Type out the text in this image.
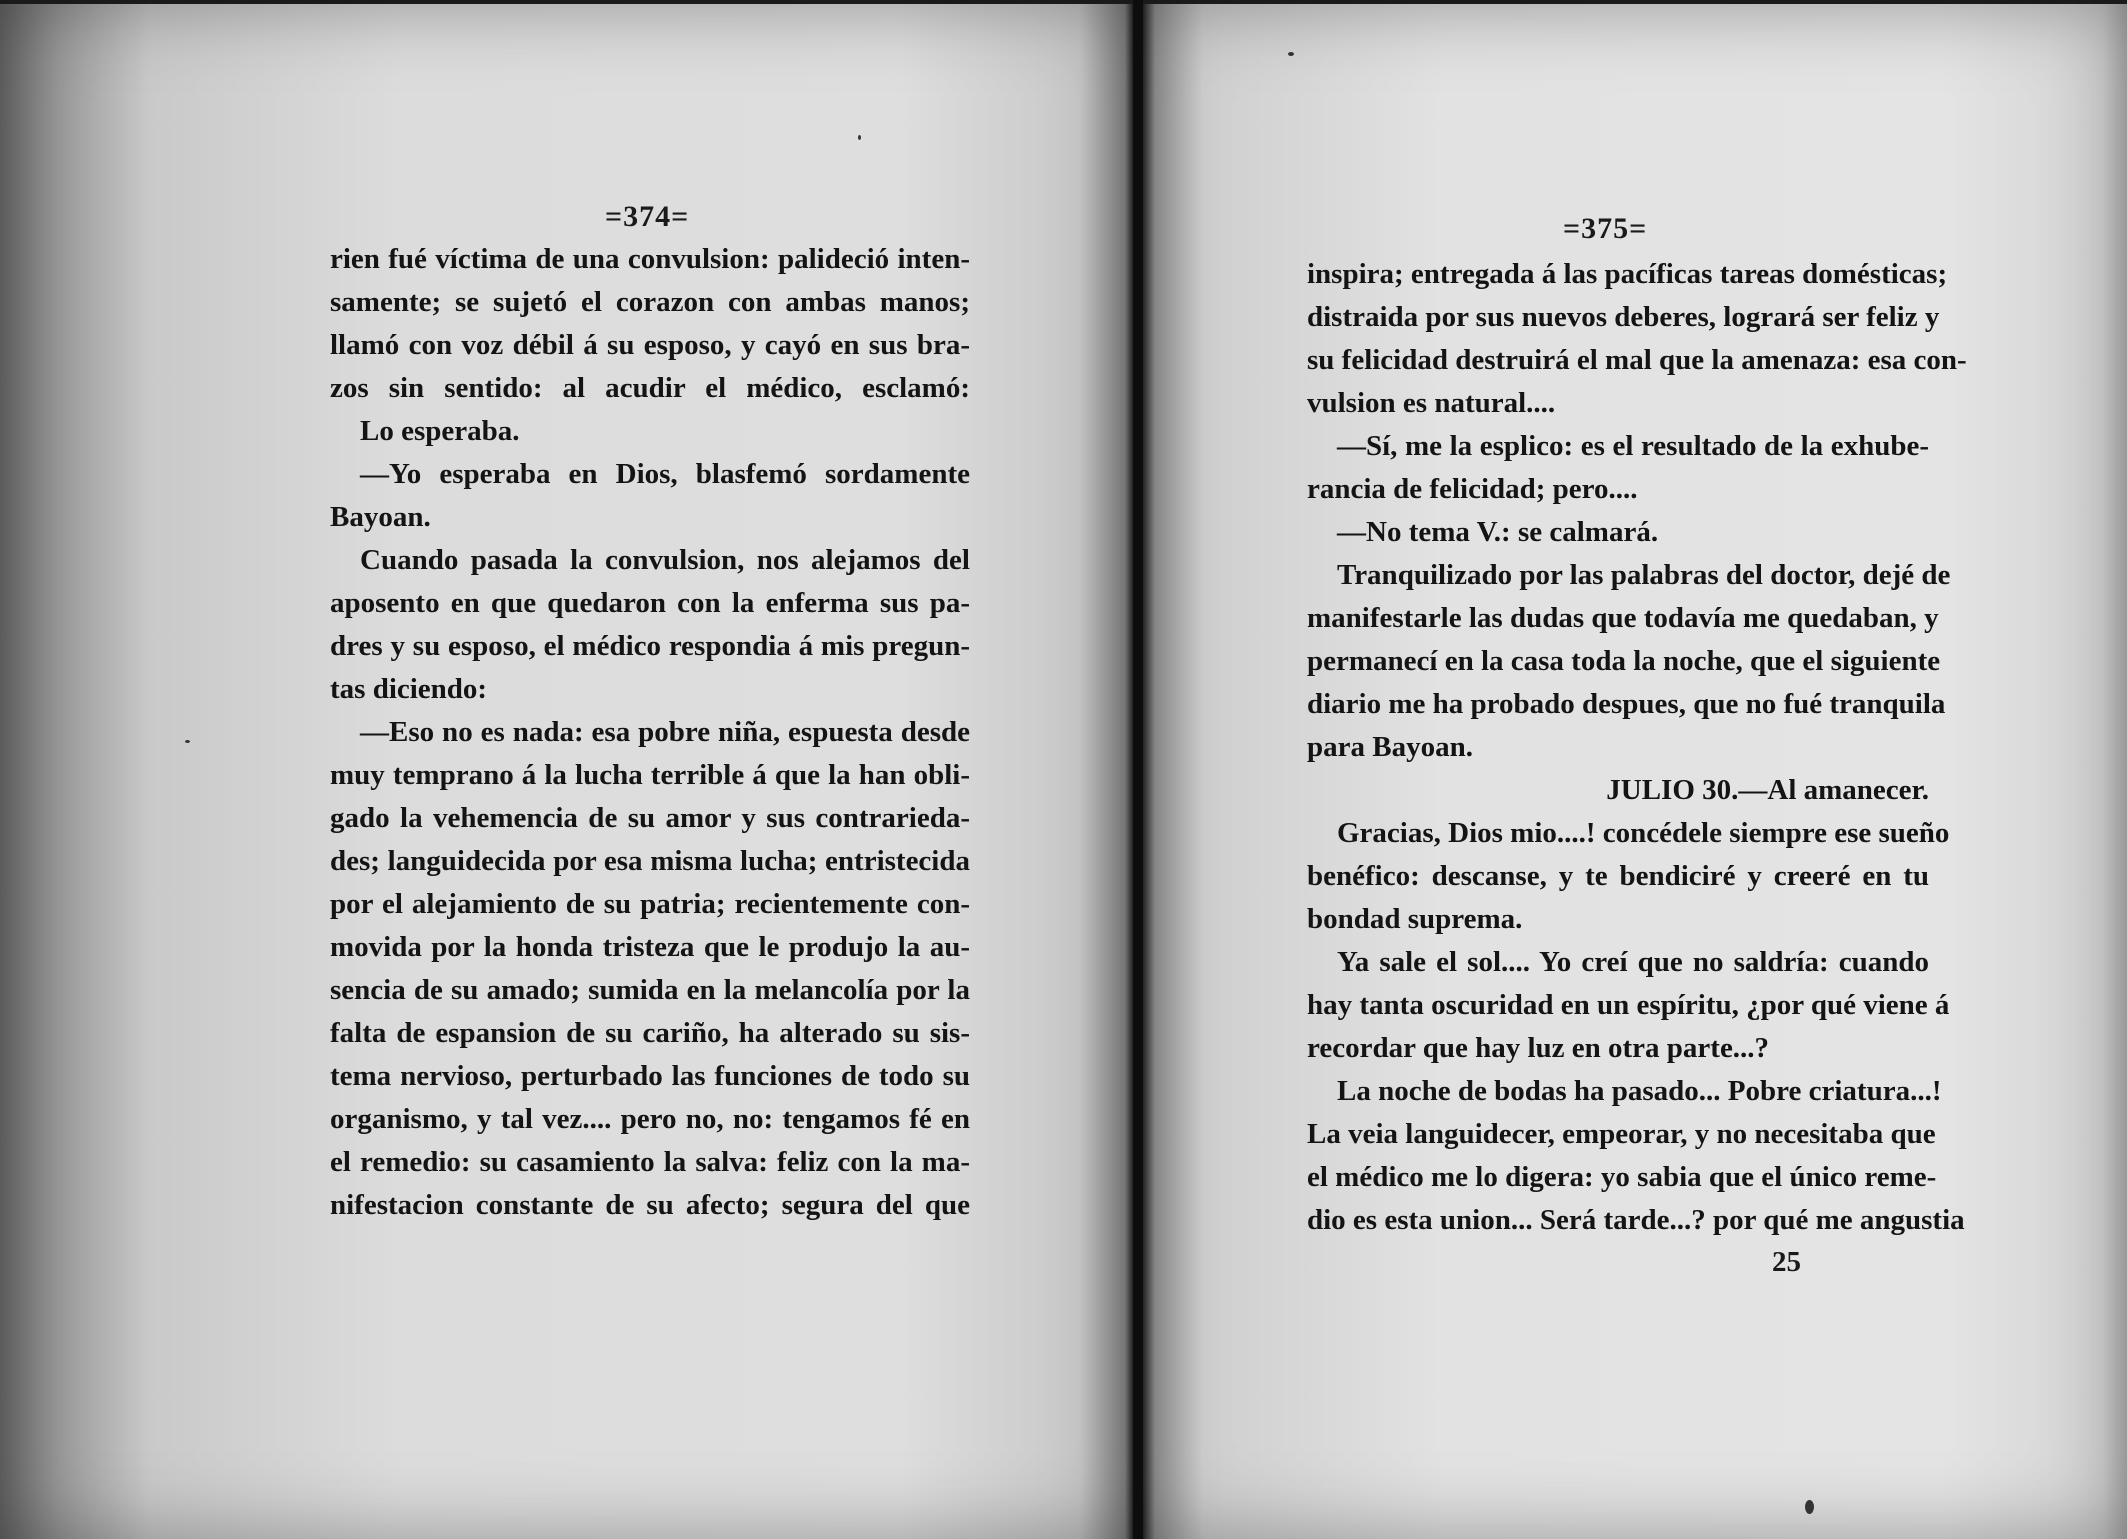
=374=	=375=
rien fué víctima de una convulsion: palideció inten-
samente; se sujetó el corazon con ambas manos;
llamó con voz débil á su esposo, y cayó en sus bra-
zos sin sentido: al acudir el médico, esclamó:
Lo esperaba.
—Yo esperaba en Dios, blasfemó sordamente
Bayoan.
Cuando pasada la convulsion, nos alejamos del
aposento en que quedaron con la enferma sus pa-
dres y su esposo, el médico respondia á mis pregun-
tas diciendo:
—Eso no es nada: esa pobre niña, espuesta desde
muy temprano á la lucha terrible á que la han obli-
gado la vehemencia de su amor y sus contrarieda-
des; languidecida por esa misma lucha; entristecida
por el alejamiento de su patria; recientemente con-
movida por la honda tristeza que le produjo la au-
sencia de su amado; sumida en la melancolía por la
falta de espansion de su cariño, ha alterado su sis-
tema nervioso, perturbado las funciones de todo su
organismo, y tal vez.... pero no, no: tengamos fé en
el remedio: su casamiento la salva: feliz con la ma-
nifestacion constante de su afecto; segura del que
inspira; entregada á las pacíficas tareas domésticas;
distraida por sus nuevos deberes, logrará ser feliz y
su felicidad destruirá el mal que la amenaza: esa con-
vulsion es natural....
—Sí, me la esplico: es el resultado de la exhube-
rancia de felicidad; pero....
—No tema V.: se calmará.
Tranquilizado por las palabras del doctor, dejé de
manifestarle las dudas que todavía me quedaban, y
permanecí en la casa toda la noche, que el siguiente
diario me ha probado despues, que no fué tranquila
para Bayoan.
JULIO 30.—Al amanecer.
Gracias, Dios mio....! concédele siempre ese sueño
benéfico: descanse, y te bendiciré y creeré en tu
bondad suprema.
Ya sale el sol.... Yo creí que no saldría: cuando
hay tanta oscuridad en un espíritu, ¿por qué viene á
recordar que hay luz en otra parte...?
La noche de bodas ha pasado... Pobre criatura...!
La veia languidecer, empeorar, y no necesitaba que
el médico me lo digera: yo sabia que el único reme-
dio es esta union... Será tarde...? por qué me angustia
25
